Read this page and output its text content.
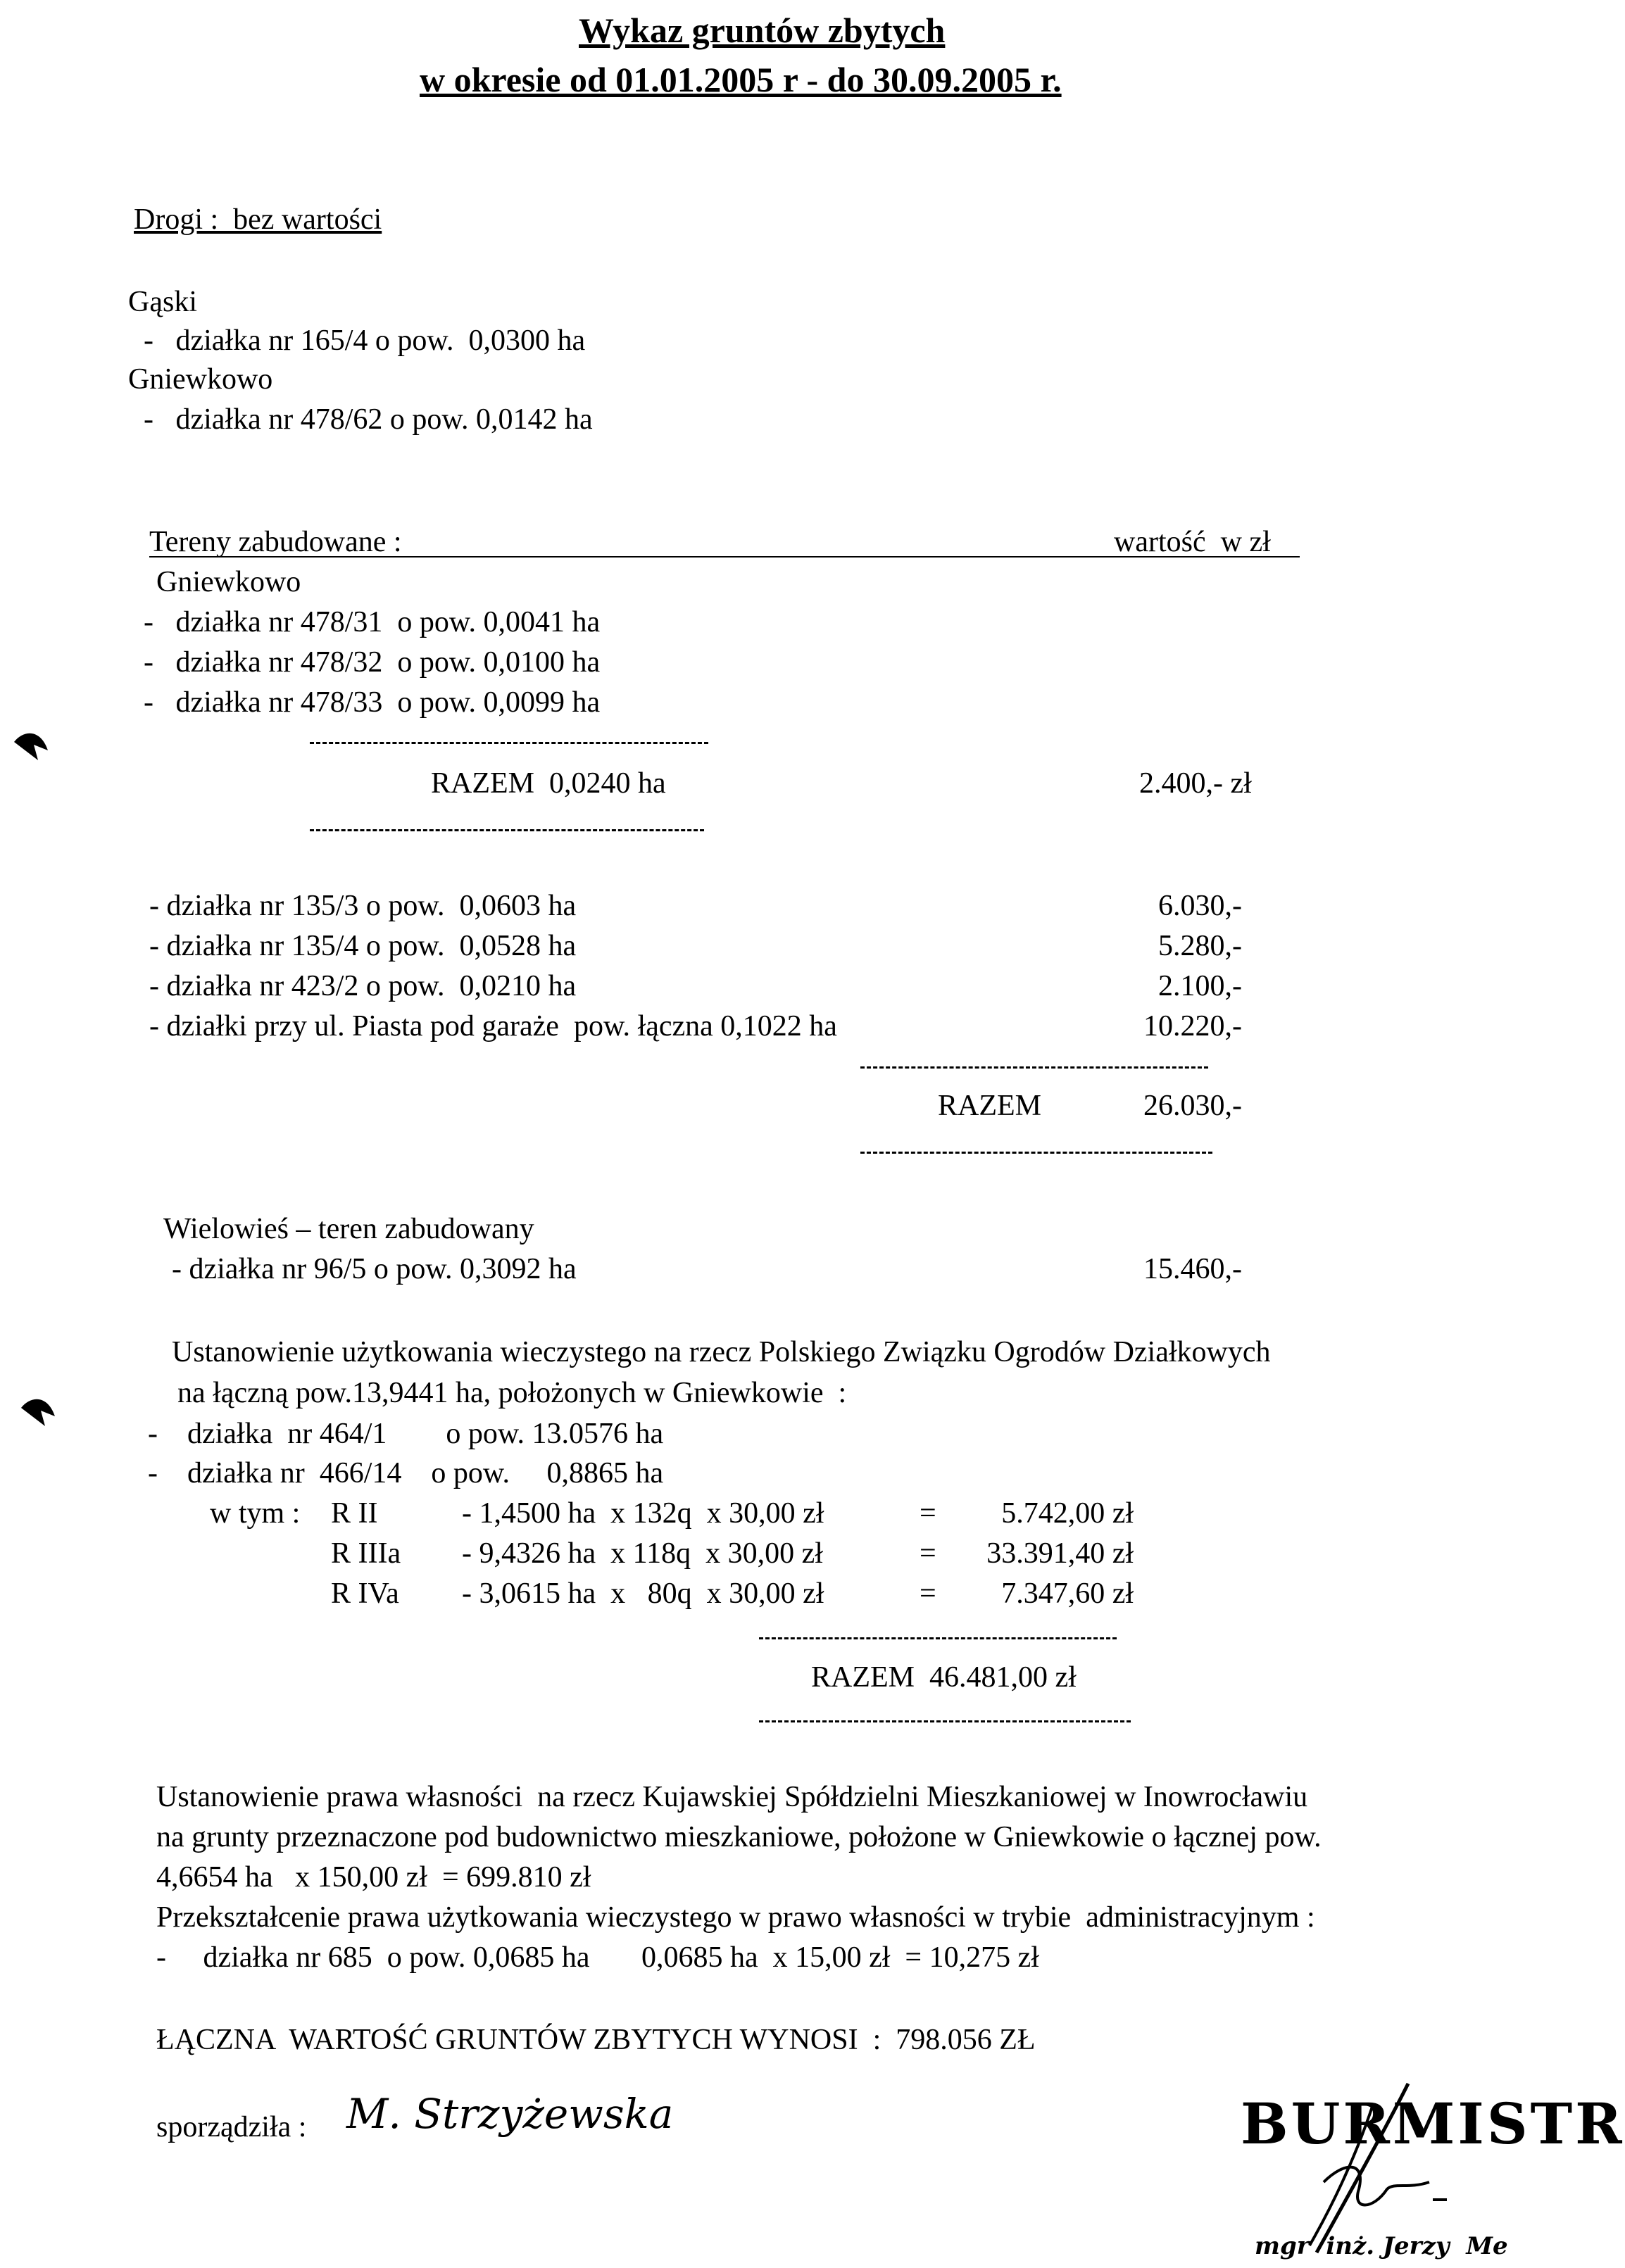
Wykaz gruntów zbytych
w okresie od 01.01.2005 r - do 30.09.2005 r.
Drogi :  bez wartości
Gąski
-   działka nr 165/4 o pow.  0,0300 ha
Gniewkowo
-   działka nr 478/62 o pow. 0,0142 ha
Tereny zabudowane :	wartość  w zł
Gniewkowo
-   działka nr 478/31  o pow. 0,0041 ha
-   działka nr 478/32  o pow. 0,0100 ha
-   działka nr 478/33  o pow. 0,0099 ha
RAZEM  0,0240 ha	2.400,- zł
- działka nr 135/3 o pow.  0,0603 ha	6.030,-
- działka nr 135/4 o pow.  0,0528 ha	5.280,-
- działka nr 423/2 o pow.  0,0210 ha	2.100,-
- działki przy ul. Piasta pod garaże  pow. łączna 0,1022 ha	10.220,-
RAZEM	26.030,-
Wielowieś – teren zabudowany
- działka nr 96/5 o pow. 0,3092 ha	15.460,-
Ustanowienie użytkowania wieczystego na rzecz Polskiego Związku Ogrodów Działkowych
na łączną pow.13,9441 ha, położonych w Gniewkowie  :
-    działka  nr 464/1        o pow. 13.0576 ha
-    działka nr  466/14    o pow.     0,8865 ha
w tym : R II	- 1,4500 ha  x 132q  x 30,00 zł	=	5.742,00 zł
R IIIa - 9,4326 ha  x 118q  x 30,00 zł	=	33.391,40 zł
R IVa - 3,0615 ha  x   80q  x 30,00 zł	=	7.347,60 zł
RAZEM  46.481,00 zł
Ustanowienie prawa własności  na rzecz Kujawskiej Spółdzielni Mieszkaniowej w Inowrocławiu
na grunty przeznaczone pod budownictwo mieszkaniowe, położone w Gniewkowie o łącznej pow.
4,6654 ha   x 150,00 zł  = 699.810 zł
Przekształcenie prawa użytkowania wieczystego w prawo własności w trybie  administracyjnym :
-     działka nr 685  o pow. 0,0685 ha       0,0685 ha  x 15,00 zł  = 10,275 zł
ŁĄCZNA  WARTOŚĆ GRUNTÓW ZBYTYCH WYNOSI  :  798.056 ZŁ
sporządziła : M. Strzyżewska	BURMISTR
mgr  inż. Jerzy  Me
